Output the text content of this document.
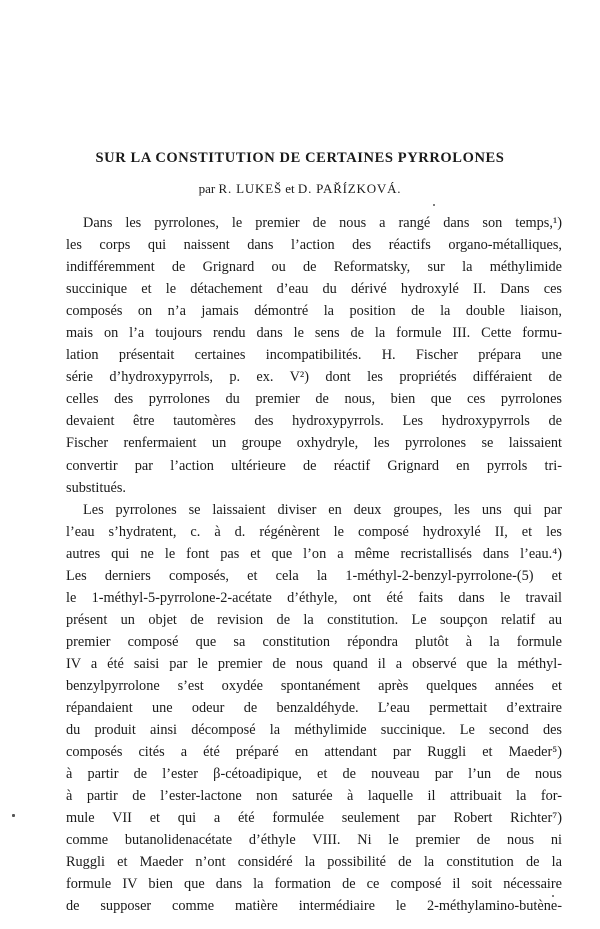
SUR LA CONSTITUTION DE CERTAINES PYRROLONES
par R. LUKEŠ et D. PAŘÍZKOVÁ.
Dans les pyrrolones, le premier de nous a rangé dans son temps,¹)
les corps qui naissent dans l’action des réactifs organo-métalliques,
indifféremment de Grignard ou de Reformatsky, sur la méthylimide
succinique et le détachement d’eau du dérivé hydroxylé II. Dans ces
composés on n’a jamais démontré la position de la double liaison,
mais on l’a toujours rendu dans le sens de la formule III. Cette formu-
lation présentait certaines incompatibilités. H. Fischer prépara une
série d’hydroxypyrrols, p. ex. V²) dont les propriétés différaient de
celles des pyrrolones du premier de nous, bien que ces pyrrolones
devaient être tautomères des hydroxypyrrols. Les hydroxypyrrols de
Fischer renfermaient un groupe oxhydryle, les pyrrolones se laissaient
convertir par l’action ultérieure de réactif Grignard en pyrrols tri-
substitués.
Les pyrrolones se laissaient diviser en deux groupes, les uns qui par
l’eau s’hydratent, c. à d. régénèrent le composé hydroxylé II, et les
autres qui ne le font pas et que l’on a même recristallisés dans l’eau.⁴)
Les derniers composés, et cela la 1-méthyl-2-benzyl-pyrrolone-(5) et
le 1-méthyl-5-pyrrolone-2-acétate d’éthyle, ont été faits dans le travail
présent un objet de revision de la constitution. Le soupçon relatif au
premier composé que sa constitution répondra plutôt à la formule
IV a été saisi par le premier de nous quand il a observé que la méthyl-
benzylpyrrolone s’est oxydée spontanément après quelques années et
répandaient une odeur de benzaldéhyde. L’eau permettait d’extraire
du produit ainsi décomposé la méthylimide succinique. Le second des
composés cités a été préparé en attendant par Ruggli et Maeder⁵)
à partir de l’ester β-cétoadipique, et de nouveau par l’un de nous
à partir de l’ester-lactone non saturée à laquelle il attribuait la for-
mule VII et qui a été formulée seulement par Robert Richter⁷)
comme butanolidenacétate d’éthyle VIII. Ni le premier de nous ni
Ruggli et Maeder n’ont considéré la possibilité de la constitution de la
formule IV bien que dans la formation de ce composé il soit nécessaire
de supposer comme matière intermédiaire le 2-méthylamino-butène-
